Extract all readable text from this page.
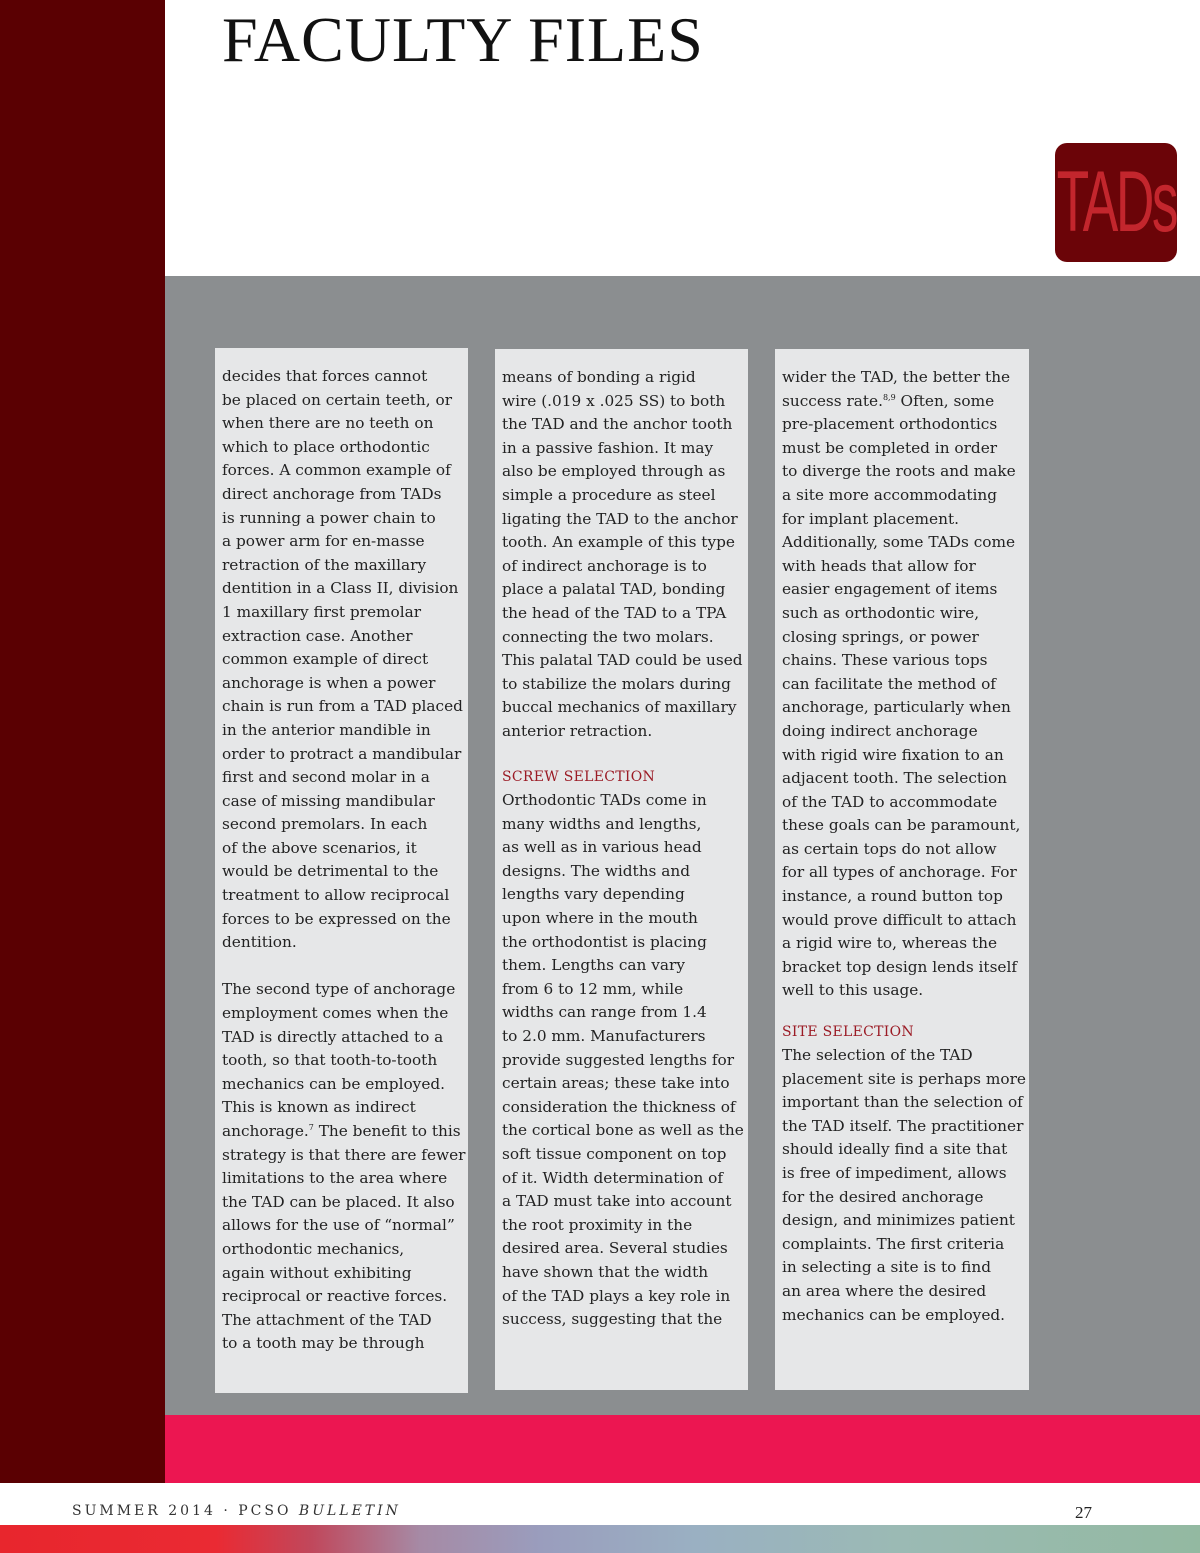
FACULTY FILES
TADs

decides that forces cannot
be placed on certain teeth, or
when there are no teeth on
which to place orthodontic
forces. A common example of
direct anchorage from TADs
is running a power chain to
a power arm for en-masse
retraction of the maxillary
dentition in a Class II, division
1 maxillary first premolar
extraction case. Another
common example of direct
anchorage is when a power
chain is run from a TAD placed
in the anterior mandible in
order to protract a mandibular
first and second molar in a
case of missing mandibular
second premolars. In each
of the above scenarios, it
would be detrimental to the
treatment to allow reciprocal
forces to be expressed on the
dentition.

The second type of anchorage
employment comes when the
TAD is directly attached to a
tooth, so that tooth-to-tooth
mechanics can be employed.
This is known as indirect
anchorage.$^7$ The benefit to this
strategy is that there are fewer
limitations to the area where
the TAD can be placed. It also
allows for the use of “normal”
orthodontic mechanics,
again without exhibiting
reciprocal or reactive forces.
The attachment of the TAD
to a tooth may be through

means of bonding a rigid
wire (.019 x .025 SS) to both
the TAD and the anchor tooth
in a passive fashion. It may
also be employed through as
simple a procedure as steel
ligating the TAD to the anchor
tooth. An example of this type
of indirect anchorage is to
place a palatal TAD, bonding
the head of the TAD to a TPA
connecting the two molars.
This palatal TAD could be used
to stabilize the molars during
buccal mechanics of maxillary
anterior retraction.

SCREW SELECTION

Orthodontic TADs come in
many widths and lengths,
as well as in various head
designs. The widths and
lengths vary depending
upon where in the mouth
the orthodontist is placing
them. Lengths can vary
from 6 to 12 mm, while
widths can range from 1.4
to 2.0 mm. Manufacturers
provide suggested lengths for
certain areas; these take into
consideration the thickness of
the cortical bone as well as the
soft tissue component on top
of it. Width determination of
a TAD must take into account
the root proximity in the
desired area. Several studies
have shown that the width
of the TAD plays a key role in
success, suggesting that the

wider the TAD, the better the
success rate.$^{8,9}$ Often, some
pre-placement orthodontics
must be completed in order
to diverge the roots and make
a site more accommodating
for implant placement.
Additionally, some TADs come
with heads that allow for
easier engagement of items
such as orthodontic wire,
closing springs, or power
chains. These various tops
can facilitate the method of
anchorage, particularly when
doing indirect anchorage
with rigid wire fixation to an
adjacent tooth. The selection
of the TAD to accommodate
these goals can be paramount,
as certain tops do not allow
for all types of anchorage. For
instance, a round button top
would prove difficult to attach
a rigid wire to, whereas the
bracket top design lends itself
well to this usage.

SITE SELECTION

The selection of the TAD
placement site is perhaps more
important than the selection of
the TAD itself. The practitioner
should ideally find a site that
is free of impediment, allows
for the desired anchorage
design, and minimizes patient
complaints. The first criteria
in selecting a site is to find
an area where the desired
mechanics can be employed.

SUMMER 2014 · PCSO BULLETIN	27
